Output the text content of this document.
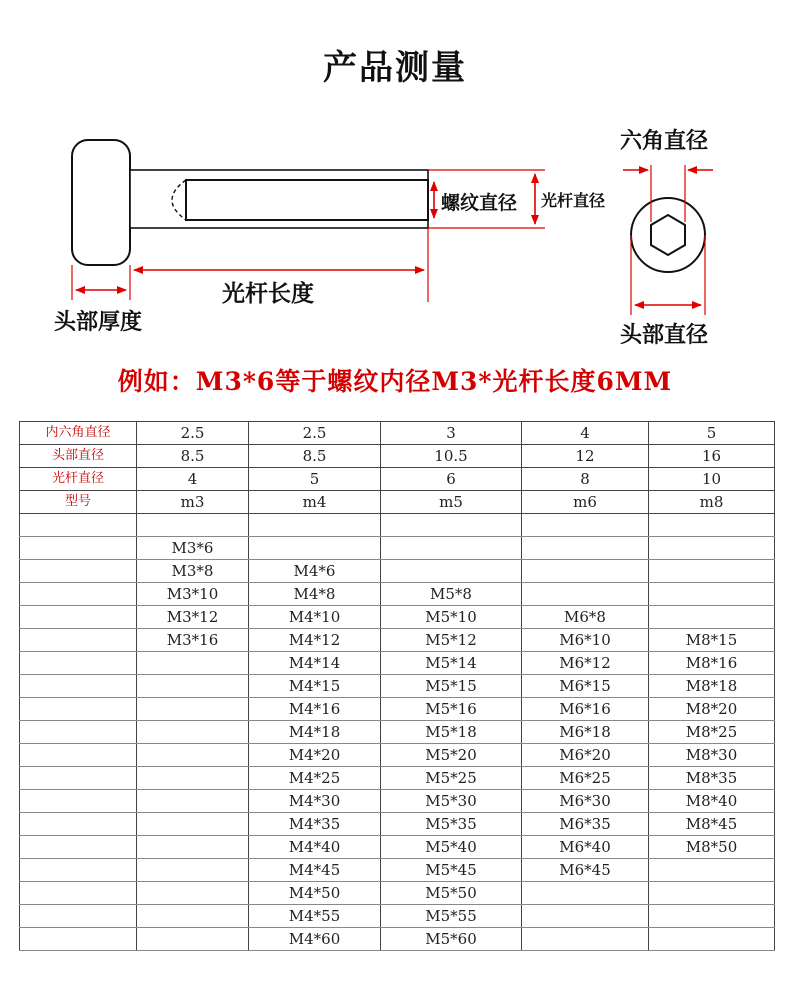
产品测量
螺纹直径 光杆直径
光杆长度
头部厚度
六角直径
头部直径
例如：M3*6等于螺纹内径M3*光杆长度6MM
内六角直径	2.5	2.5	3	4	5
头部直径	8.5	8.5	10.5	12	16
光杆直径	4	5	6	8	10
型号	m3	m4	m5	m6	m8

	M3*6				
	M3*8	M4*6			
	M3*10	M4*8	M5*8		
	M3*12	M4*10	M5*10	M6*8	
	M3*16	M4*12	M5*12	M6*10	M8*15
		M4*14	M5*14	M6*12	M8*16
		M4*15	M5*15	M6*15	M8*18
		M4*16	M5*16	M6*16	M8*20
		M4*18	M5*18	M6*18	M8*25
		M4*20	M5*20	M6*20	M8*30
		M4*25	M5*25	M6*25	M8*35
		M4*30	M5*30	M6*30	M8*40
		M4*35	M5*35	M6*35	M8*45
		M4*40	M5*40	M6*40	M8*50
		M4*45	M5*45	M6*45	
		M4*50	M5*50		
		M4*55	M5*55		
		M4*60	M5*60		
